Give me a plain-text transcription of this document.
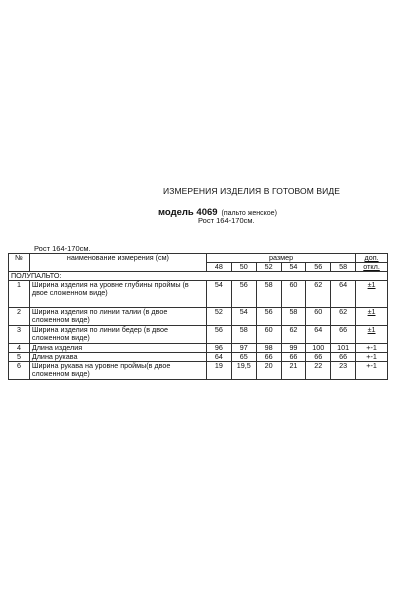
ИЗМЕРЕНИЯ ИЗДЕЛИЯ В ГОТОВОМ ВИДЕ
модель 4069 (пальто женское)
Рост 164-170см.
Рост 164-170см.
№	наименование измерения (см)	размер						доп.
		48	50	52	54	56	58	откл.
ПОЛУПАЛЬТО:								
1	Ширина изделия на уровне глубины проймы (в двое сложенном виде)	54	56	58	60	62	64	±1
2	Ширина изделия по линии талии (в двое сложенном виде)	52	54	56	58	60	62	±1
3	Ширина изделия по линии бедер (в двое сложенном виде)	56	58	60	62	64	66	±1
4	Длина изделия	96	97	98	99	100	101	+-1
5	Длина рукава	64	65	66	66	66	66	+-1
6	Ширина рукава на уровне проймы(в двое сложенном виде)	19	19,5	20	21	22	23	+-1
